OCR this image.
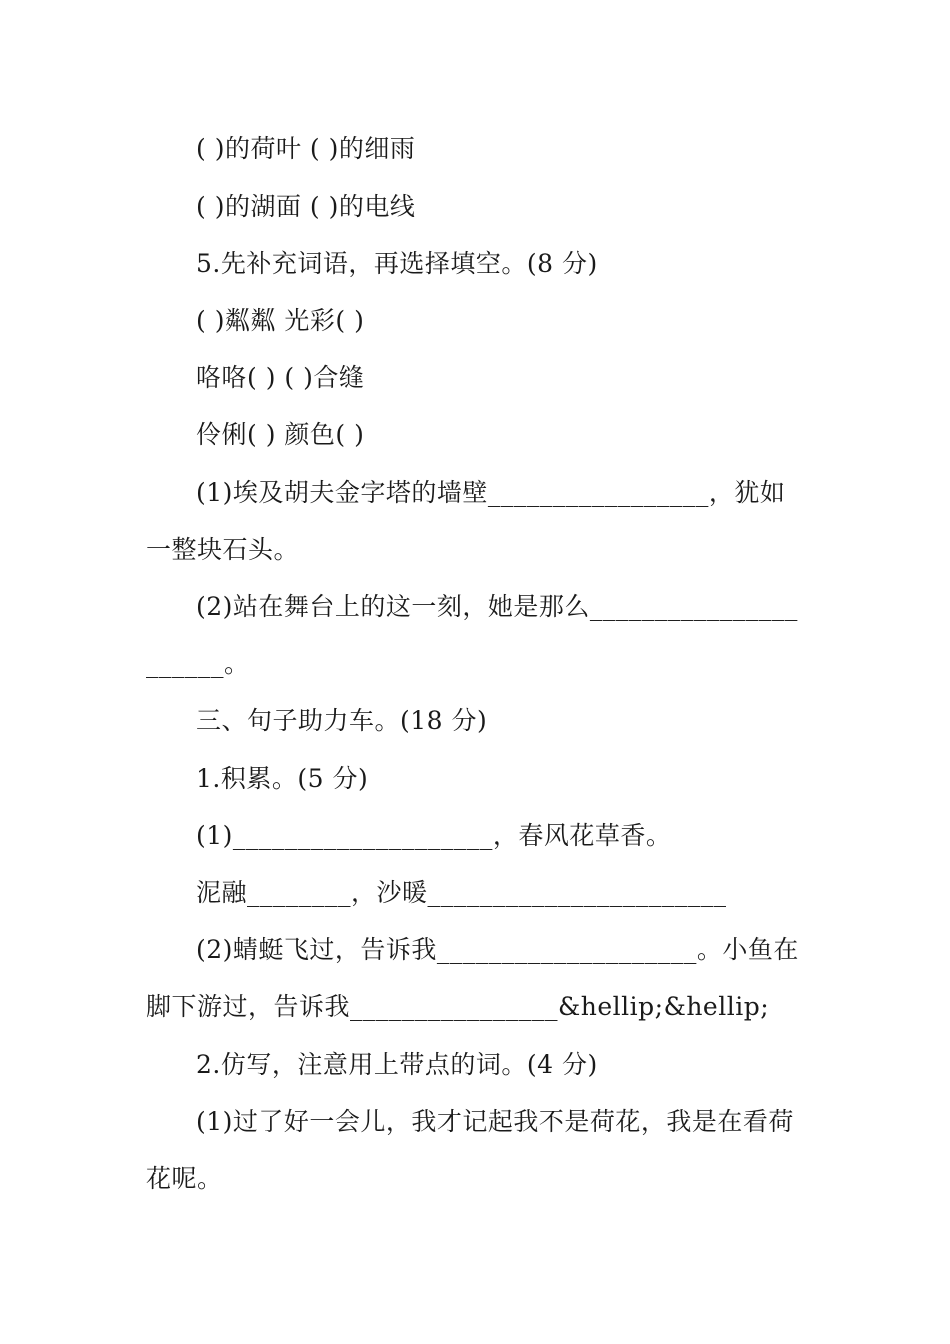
( )的荷叶 ( )的细雨
( )的湖面 ( )的电线
5.先补充词语，再选择填空。(8 分)
( )粼粼 光彩( )
咯咯( ) ( )合缝
伶俐( ) 颜色( )
(1)埃及胡夫金字塔的墙壁_________________，犹如
一整块石头。
(2)站在舞台上的这一刻，她是那么________________
______。
三、句子助力车。(18 分)
1.积累。(5 分)
(1)____________________，春风花草香。
泥融________，沙暖_______________________
(2)蜻蜓飞过，告诉我____________________。小鱼在
脚下游过，告诉我________________&hellip;&hellip;
2.仿写，注意用上带点的词。(4 分)
(1)过了好一会儿，我才记起我不是荷花，我是在看荷
花呢。
